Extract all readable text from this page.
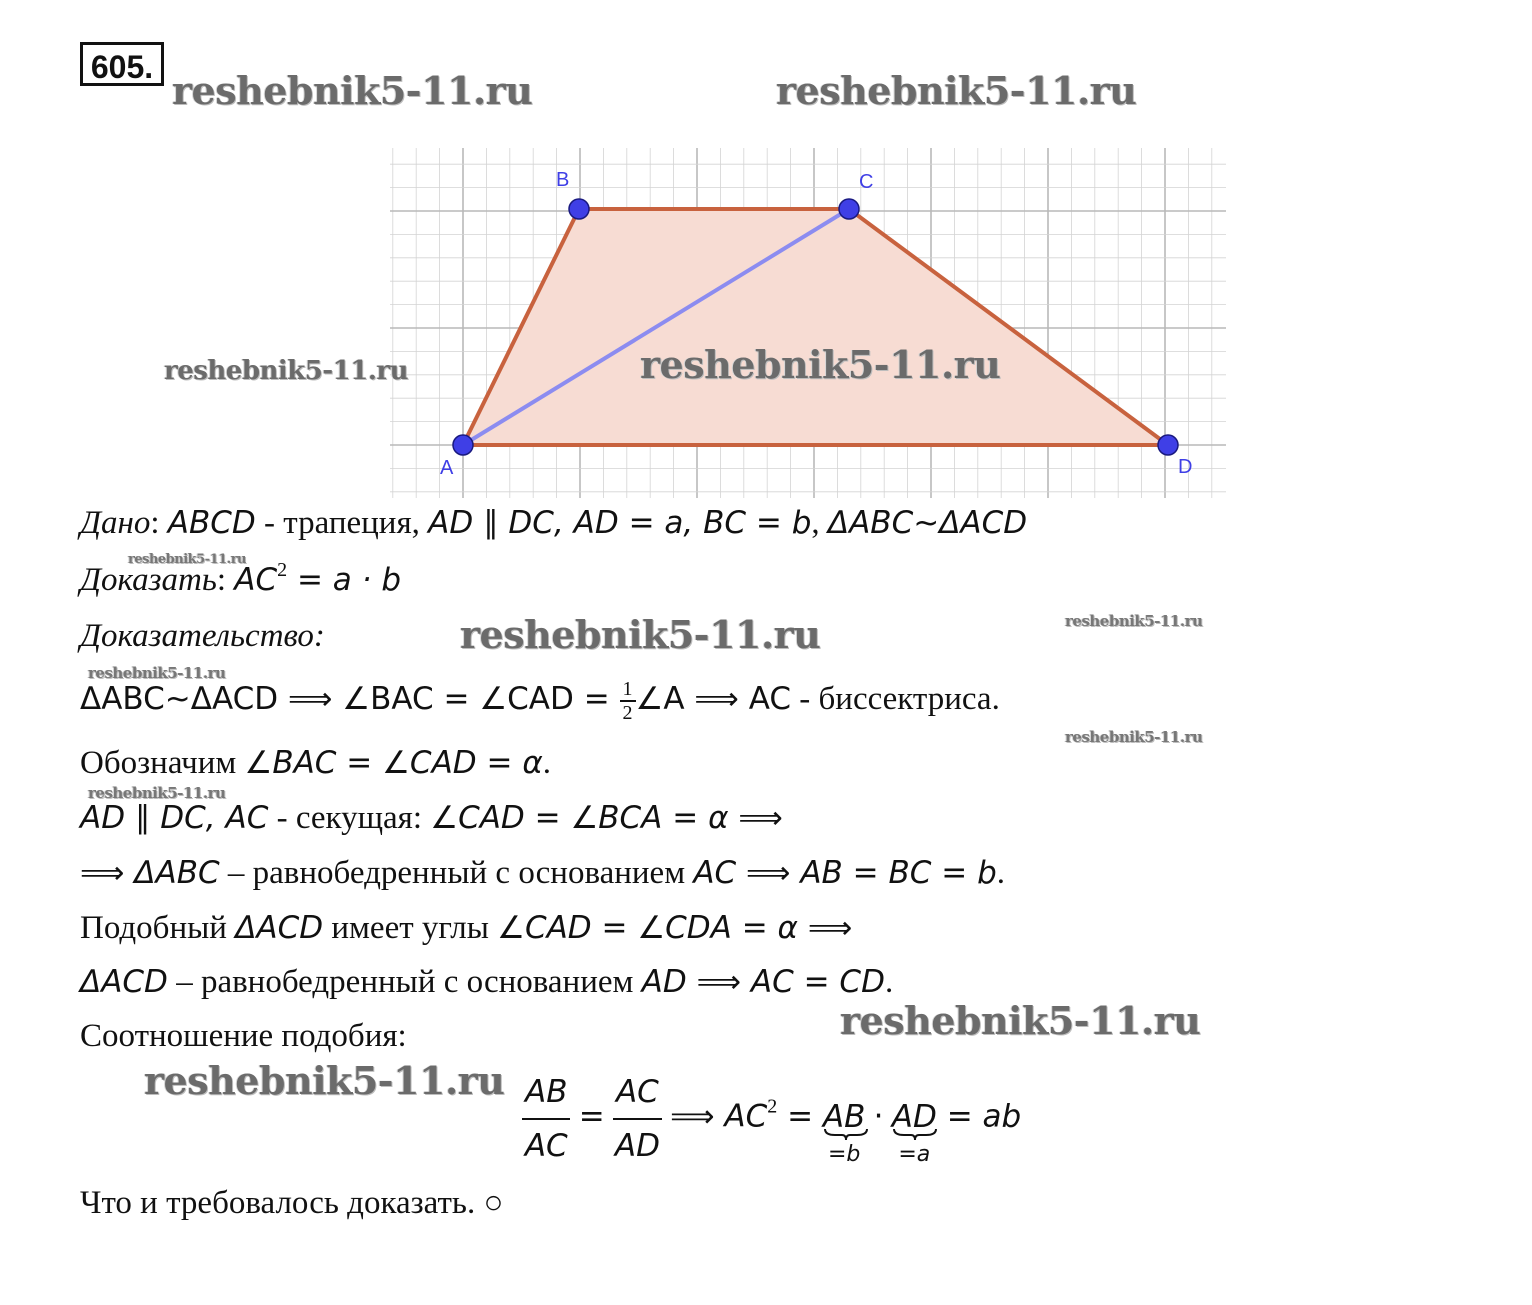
605.
reshebnik5-11.ru	reshebnik5-11.ru
A
B	C
D
reshebnik5-11.ru	reshebnik5-11.ru
Дано: ABCD - трапеция, AD ∥ DC, AD = a, BC = b, ΔABC~ΔACD
reshebnik5-11.ru
Доказать: $AC^2 = a \cdot b$
Доказательство:	reshebnik5-11.ru	reshebnik5-11.ru
reshebnik5-11.ru
ΔABC~ΔACD ⟹ ∠BAC = ∠CAD = $\frac{1}{2}$ ∠A ⟹ AC - биссектриса.
reshebnik5-11.ru
Обозначим ∠BAC = ∠CAD = α.
reshebnik5-11.ru
AD ∥ DC, AC - секущая: ∠CAD = ∠BCA = α ⟹
⟹ ΔABC – равнобедренный с основанием AC ⟹ AB = BC = b.
Подобный ΔACD имеет углы ∠CAD = ∠CDA = α ⟹
ΔACD – равнобедренный с основанием AD ⟹ AC = CD.
Соотношение подобия:	reshebnik5-11.ru
reshebnik5-11.ru $\frac{AB}{AC} = \frac{AC}{AD}$ ⟹ $AC^2$ = AB
=b
· AD
=a
= ab
Что и требовалось доказать. ○
